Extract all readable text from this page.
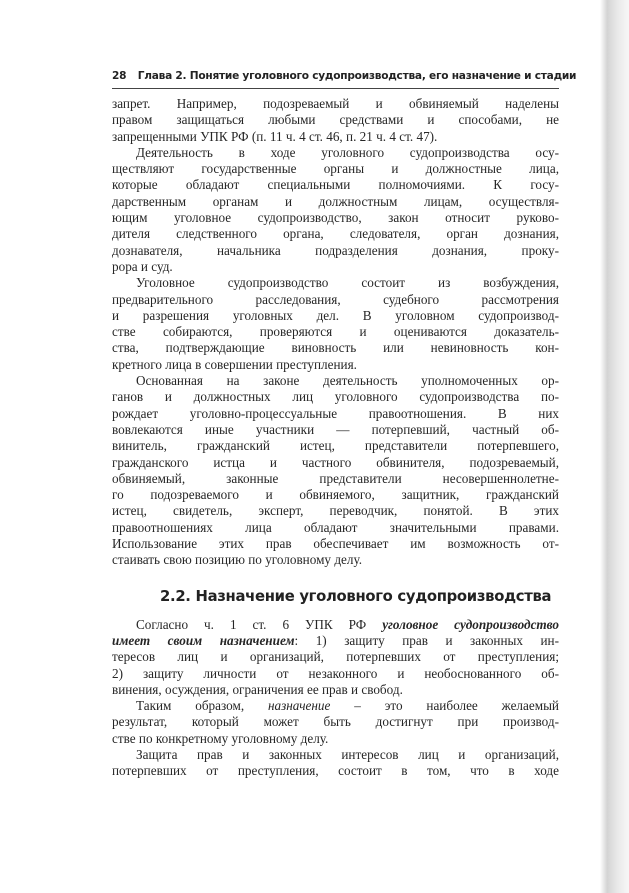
28 Глава 2. Понятие уголовного судопроизводства, его назначение и стадии

запрет. Например, подозреваемый и обвиняемый наделены
правом защищаться любыми средствами и способами, не
запрещенными УПК РФ (п. 11 ч. 4 ст. 46, п. 21 ч. 4 ст. 47).

Деятельность в ходе уголовного судопроизводства осу-
ществляют государственные органы и должностные лица,
которые обладают специальными полномочиями. К госу-
дарственным органам и должностным лицам, осуществля-
ющим уголовное судопроизводство, закон относит руково-
дителя следственного органа, следователя, орган дознания,
дознавателя, начальника подразделения дознания, проку-
рора и суд.

Уголовное судопроизводство состоит из возбуждения,
предварительного расследования, судебного рассмотрения
и разрешения уголовных дел. В уголовном судопроизвод-
стве собираются, проверяются и оцениваются доказатель-
ства, подтверждающие виновность или невиновность кон-
кретного лица в совершении преступления.

Основанная на законе деятельность уполномоченных ор-
ганов и должностных лиц уголовного судопроизводства по-
рождает уголовно-процессуальные правоотношения. В них
вовлекаются иные участники — потерпевший, частный об-
винитель, гражданский истец, представители потерпевшего,
гражданского истца и частного обвинителя, подозреваемый,
обвиняемый, законные представители несовершеннолетне-
го подозреваемого и обвиняемого, защитник, гражданский
истец, свидетель, эксперт, переводчик, понятой. В этих
правоотношениях лица обладают значительными правами.
Использование этих прав обеспечивает им возможность от-
стаивать свою позицию по уголовному делу.

2.2. Назначение уголовного судопроизводства

Согласно ч. 1 ст. 6 УПК РФ уголовное судопроизводство
имеет своим назначением: 1) защиту прав и законных ин-
тересов лиц и организаций, потерпевших от преступления;
2) защиту личности от незаконного и необоснованного об-
винения, осуждения, ограничения ее прав и свобод.

Таким образом, назначение – это наиболее желаемый
результат, который может быть достигнут при производ-
стве по конкретному уголовному делу.

Защита прав и законных интересов лиц и организаций,
потерпевших от преступления, состоит в том, что в ходе
